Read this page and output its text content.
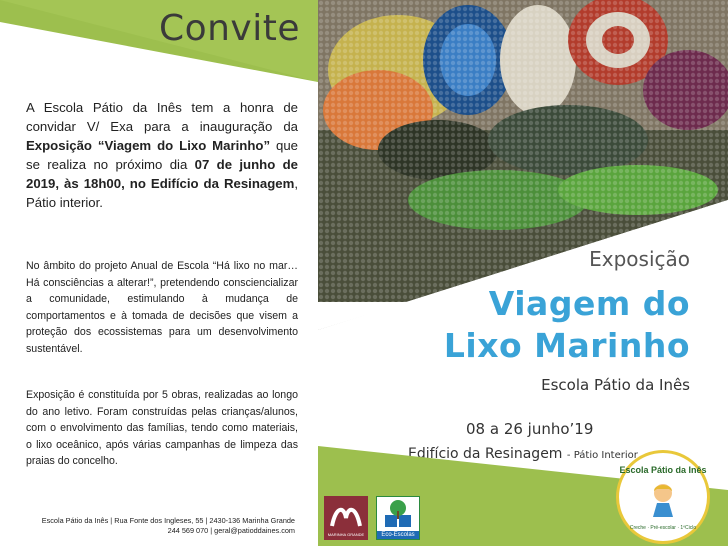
Convite
A Escola Pátio da Inês tem a honra de convidar V/ Exa para a inauguração da Exposição “Viagem do Lixo Marinho” que se realiza no próximo dia 07 de junho de 2019, às 18h00, no Edifício da Resinagem, Pátio interior.
No âmbito do projeto Anual de Escola “Há lixo no mar… Há consciências a alterar!”, pretendendo consciencializar a comunidade, estimulando à mudança de comportamentos e à tomada de decisões que visem a proteção dos ecossistemas para um desenvolvimento sustentável.
Exposição é constituída por 5 obras, realizadas ao longo do ano letivo. Foram construídas pelas crianças/alunos, com o envolvimento das famílias, tendo como materiais, o lixo oceânico, após várias campanhas de limpeza das praias do concelho.
Escola Pátio da Inês | Rua Fonte dos Ingleses, 55 | 2430-136 Marinha Grande
244 569 070 | geral@patioddaines.com
Exposição
Viagem do
Lixo Marinho
Escola Pátio da Inês
08 a 26 junho’19
Edifício da Resinagem - Pátio Interior
MARINHA GRANDE	Eco-Escolas
Escola Pátio da Inês
Creche · Pré-escolar · 1ºCiclo
